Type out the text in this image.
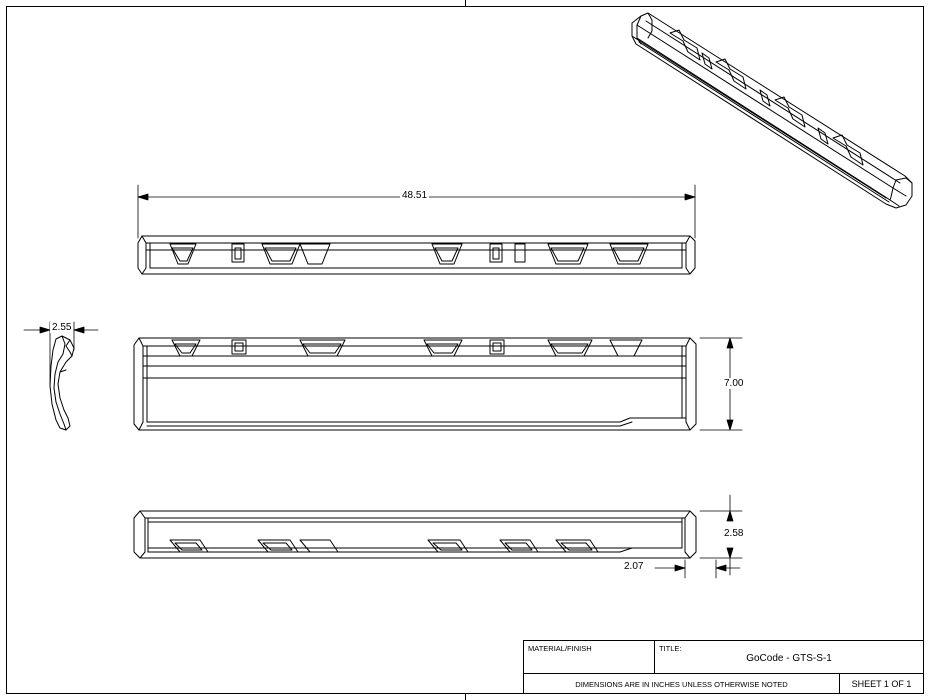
48.51
2.55
7.00
2.58
2.07
MATERIAL/FINISH	TITLE:
GoCode - GTS-S-1
DIMENSIONS ARE IN INCHES UNLESS OTHERWISE NOTED	SHEET 1 OF 1
